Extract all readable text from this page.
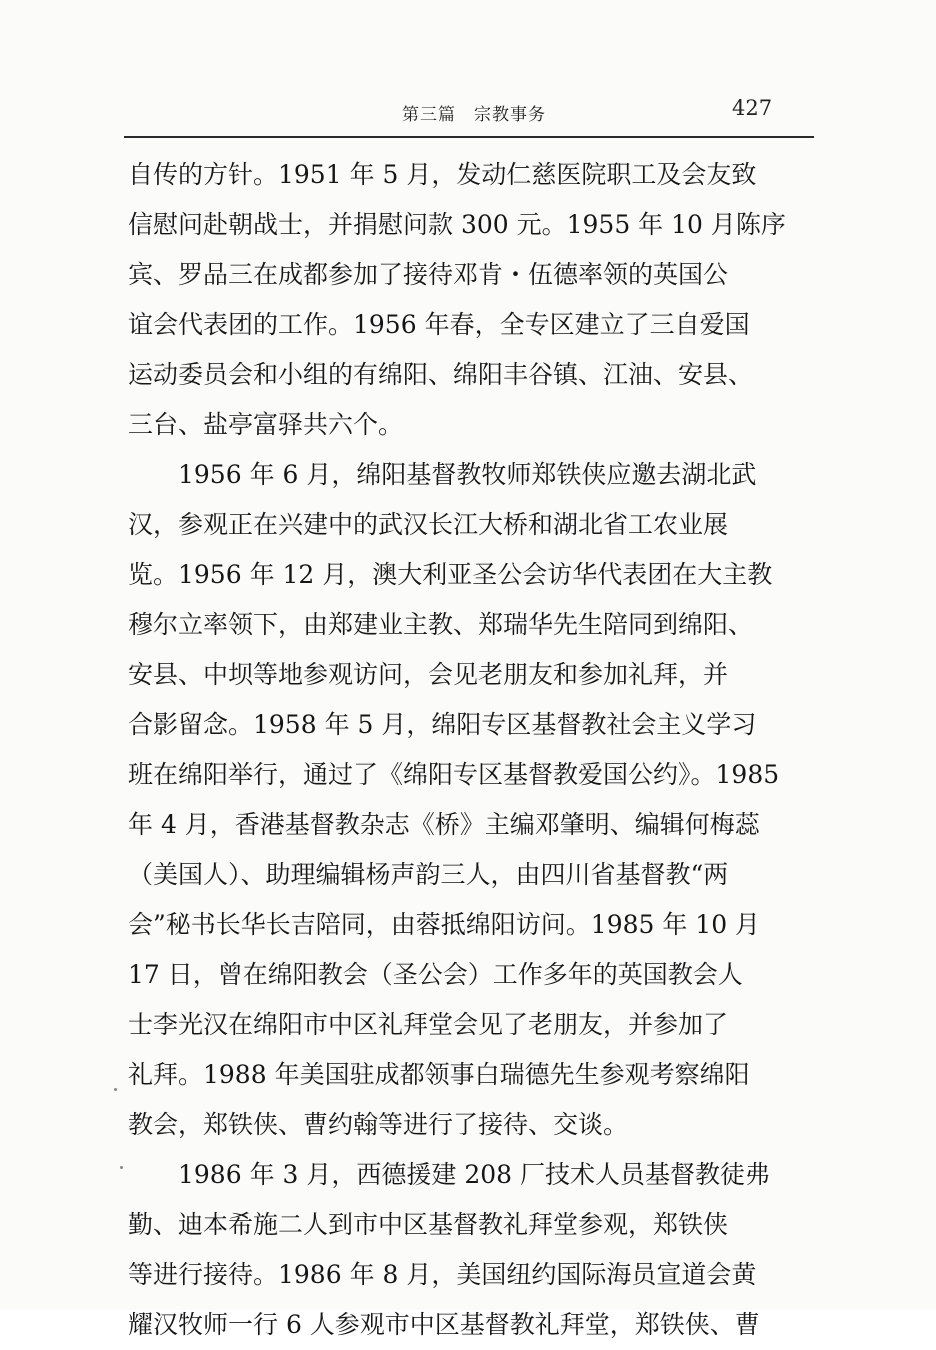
第三篇　宗教事务	427
自传的方针。1951 年 5 月，发动仁慈医院职工及会友致
信慰问赴朝战士，并捐慰问款 300 元。1955 年 10 月陈序
宾、罗品三在成都参加了接待邓肯・伍德率领的英国公
谊会代表团的工作。1956 年春，全专区建立了三自爱国
运动委员会和小组的有绵阳、绵阳丰谷镇、江油、安县、
三台、盐亭富驿共六个。
　　1956 年 6 月，绵阳基督教牧师郑铁侠应邀去湖北武
汉，参观正在兴建中的武汉长江大桥和湖北省工农业展
览。1956 年 12 月，澳大利亚圣公会访华代表团在大主教
穆尔立率领下，由郑建业主教、郑瑞华先生陪同到绵阳、
安县、中坝等地参观访问，会见老朋友和参加礼拜，并
合影留念。1958 年 5 月，绵阳专区基督教社会主义学习
班在绵阳举行，通过了《绵阳专区基督教爱国公约》。1985
年 4 月，香港基督教杂志《桥》主编邓肇明、编辑何梅蕊
（美国人）、助理编辑杨声韵三人，由四川省基督教“两
会”秘书长华长吉陪同，由蓉抵绵阳访问。1985 年 10 月
17 日，曾在绵阳教会（圣公会）工作多年的英国教会人
士李光汉在绵阳市中区礼拜堂会见了老朋友，并参加了
礼拜。1988 年美国驻成都领事白瑞德先生参观考察绵阳
教会，郑铁侠、曹约翰等进行了接待、交谈。
　　1986 年 3 月，西德援建 208 厂技术人员基督教徒弗
勤、迪本希施二人到市中区基督教礼拜堂参观，郑铁侠
等进行接待。1986 年 8 月，美国纽约国际海员宣道会黄
耀汉牧师一行 6 人参观市中区基督教礼拜堂，郑铁侠、曹
